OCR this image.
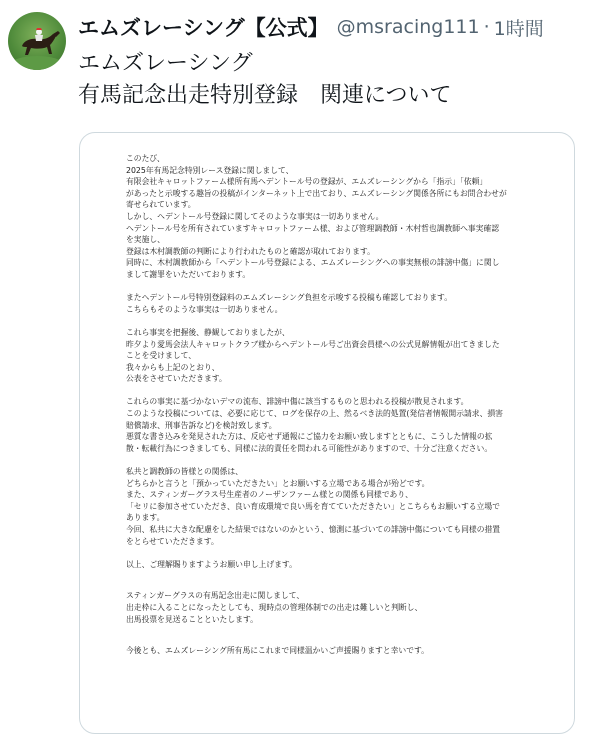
エムズレーシング【公式】 @msracing111 · 1時間
エムズレーシング
有馬記念出走特別登録　関連について

このたび、
2025年有馬記念特別レース登録に関しまして、
有限会社キャロットファーム様所有馬ヘデントール号の登録が、エムズレーシングから「指示」「依頼」
があったと示唆する趣旨の投稿がインターネット上で出ており、エムズレーシング関係各所にもお問合わせが
寄せられています。
しかし、ヘデントール号登録に関してそのような事実は一切ありません。
ヘデントール号を所有されていますキャロットファーム様、および管理調教師・木村哲也調教師へ事実確認
を実施し、
登録は木村調教師の判断により行われたものと確認が取れております。
同時に、木村調教師から「ヘデントール号登録による、エムズレーシングへの事実無根の誹謗中傷」に関し
まして謝罪をいただいております。

またヘデントール号特別登録料のエムズレーシング負担を示唆する投稿も確認しております。
こちらもそのような事実は一切ありません。

これら事実を把握後、静観しておりましたが、
昨夕より愛馬会法人キャロットクラブ様からヘデントール号ご出資会員様への公式見解情報が出てきました
ことを受けまして、
我々からも上記のとおり、
公表をさせていただきます。

これらの事実に基づかないデマの流布、誹謗中傷に該当するものと思われる投稿が散見されます。
このような投稿については、必要に応じて、ログを保存の上、然るべき法的処置(発信者情報開示請求、損害
賠償請求、刑事告訴など)を検討致します。
悪質な書き込みを発見された方は、反応せず通報にご協力をお願い致しますとともに、こうした情報の拡
散・転載行為につきましても、同様に法的責任を問われる可能性がありますので、十分ご注意ください。

私共と調教師の皆様との関係は、
どちらかと言うと「預かっていただきたい」とお願いする立場である場合が殆どです。
また、スティンガーグラス号生産者のノーザンファーム様との関係も同様であり、
「セリに参加させていただき、良い育成環境で良い馬を育てていただきたい」とこちらもお願いする立場で
あります。
今回、私共に大きな配慮をした結果ではないのかという、憶測に基づいての誹謗中傷についても同様の措置
をとらせていただきます。

以上、ご理解賜りますようお願い申し上げます。

スティンガーグラスの有馬記念出走に関しまして、
出走枠に入ることになったとしても、現時点の管理体制での出走は難しいと判断し、
出馬投票を見送ることといたします。

今後とも、エムズレーシング所有馬にこれまで同様温かいご声援賜りますと幸いです。
